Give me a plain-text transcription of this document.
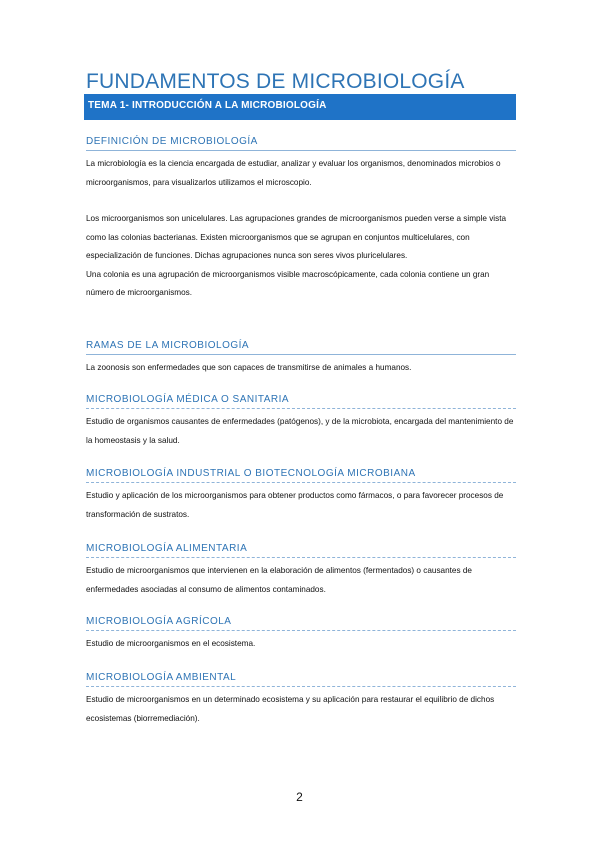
FUNDAMENTOS DE MICROBIOLOGÍA
TEMA 1- INTRODUCCIÓN A LA MICROBIOLOGÍA
DEFINICIÓN DE MICROBIOLOGÍA
La microbiología es la ciencia encargada de estudiar, analizar y evaluar los organismos, denominados microbios o microorganismos, para visualizarlos utilizamos el microscopio.
Los microorganismos son unicelulares. Las agrupaciones grandes de microorganismos pueden verse a simple vista como las colonias bacterianas. Existen microorganismos que se agrupan en conjuntos multicelulares, con especialización de funciones. Dichas agrupaciones nunca son seres vivos pluricelulares.
Una colonia es una agrupación de microorganismos visible macroscópicamente, cada colonia contiene un gran número de microorganismos.
RAMAS DE LA MICROBIOLOGÍA
La zoonosis son enfermedades que son capaces de transmitirse de animales a humanos.
MICROBIOLOGÍA MÉDICA O SANITARIA
Estudio de organismos causantes de enfermedades (patógenos), y de la microbiota, encargada del mantenimiento de la homeostasis y la salud.
MICROBIOLOGÍA INDUSTRIAL O BIOTECNOLOGÍA MICROBIANA
Estudio y aplicación de los microorganismos para obtener productos como fármacos, o para favorecer procesos de transformación de sustratos.
MICROBIOLOGÍA ALIMENTARIA
Estudio de microorganismos que intervienen en la elaboración de alimentos (fermentados) o causantes de enfermedades asociadas al consumo de alimentos contaminados.
MICROBIOLOGÍA AGRÍCOLA
Estudio de microorganismos en el ecosistema.
MICROBIOLOGÍA AMBIENTAL
Estudio de microorganismos en un determinado ecosistema y su aplicación para restaurar el equilibrio de dichos ecosistemas (biorremediación).
2
